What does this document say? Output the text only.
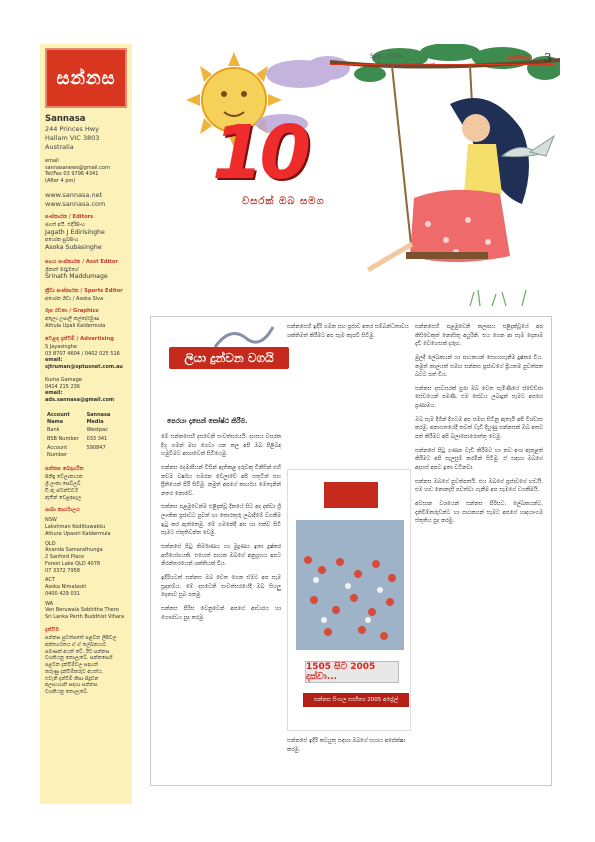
සන්නස
Sannasa
244 Princes Hwy
Hallam VIC 3803 Australia
email
sannasanews@gmail.com
Tel/Fax 03 9796 4341
(After 4 pm)
www.sannasa.net
www.sannasa.com
සංස්කාරක / Editors
ජගත් අයි. එදිරිසිංහ
Jagath J Edirisinghe
අශෝක සුබසිංහ
Asoka Subasinghe
සහය සංස්කාරක / Asst Editor
ශ්‍රීනාත් මද්දුමගේ
Srinath Maddumage
ක්‍රීඩා සංස්කාරක / Sports Editor
අශෝක ශිවා / Asoka Siva
රූප රචනා / Graphics
අතුලා උපාලි කල්දේරමුණ
Athula Upali Kaldermula
වෙළඳ දැන්වීම් / Advertising
S Jayasinghe
03 8707 4604 / 0402 025 516
email: sjtruman@optusnet.com.au
Kuma Gamage
0414 215 236
email: ads.sannasa@gmail.com
Account Name	Sannasa Media
Bank	Westpac
BSB Number	033 341
Account Number	590847
සන්නස බෙදාහරින
සිනිඳු වේලානායක
ශ්‍රී ලංකා සෙව්ලබ්
ඩී ඇ ස්ටන්ඩර්ඩ්
ඇතින් වෙළඳසැල
ශාඛා කාර්යාලය
NSW
Lakshman Koditiuwakku
Athura Upasiri Kaldermula
QLD
Ananda Samarathunga
2 Sanford Place
Forest Lake QLD 4078
07 3372 7958
ACT
Asoka Nimalasiri
0400 429 031
WA
Ven Beruwala Sobhitha Thero
Sri Lanka Perth Buddhist Vihara
දැන්වීම
සන්නස පුවත්පතේ පළවන ලිපිවල
අන්තර්ගතය ඒ ඒ ලේඛකයාට
පමණක් අයත් වේ. ඊට සන්නස
වගකියනු නොලැබේ. සන්නසෙහි
පළවන දැන්වීම්වල සඳහන්
කරුණු දැන්වීම්කරුට අයත්ය.
එවැනි දැන්වීම් නිසා සිදුවන
අලාභහානි සඳහා සන්නස
වගකියනු නොලැබේ.
Sep - 2015
www.sannasa.net
සන්නස 3
10
වසරක් ඔබ සමග
ලියා දුන්වන වගයි
පෙරයා දෑසෙන් කෝෂ්ඨ කිරීම.

මේ සන්නසෙහි දසවෙනි සංවත්සරයයි. දහසය වසරක දිගු ගමන් මඟ ගෙවා යන කල අපි ඔබ පිළිබඳ හමුවීමට ආශාවෙන් සිටියෙමු.

සන්නස දෙමාපියන් විසින් ඇතිකළ දරුවකු විනිසින් එහි නවම වර්ෂය සමරන වේලාවේ අපි සතුටින් සහ ප්‍රීතියෙන් පිරී සිටිමු. නමුත් අපගේ කාර්යය මෙතැනින් නතර නොවේ.

සන්නස පළමුවෙන්ම එළිදැක්වූ දිනයේ සිට අද දක්වා ශ්‍රී ලාංකික ප්‍රජාවට පුවත් හා තොරතුරු ලබාදීමේ වගකීම ඉටු කර ඇත්තෙමු. මේ ගමනේදී අප හා එක්ව සිටි සැමට ස්තූතිවන්ත වෙමු.

සන්නසේ පිටු නිර්මාණය හා මුද්‍රණය ඉතා දුෂ්කර අභියෝගයකි. එහෙත් පාඨක ඔබගේ අනුග්‍රහය අපට නිරන්තරයෙන් ශක්තියක් විය.

ඉදිරියටත් සන්නස ඔබ වෙත ගෙන ඒමට අප සැම සූදානම්ය. මේ දසවෙනි සංවත්සරයේදී ඔබ සියලු දෙනාට සුබ පතමු.

සන්නස පිරිස වෙනුවෙන් අපගේ ආචාරය හා ගෞරවය පුද කරමු.

සන්නසෙහි ඉදිරි ගමන සහ ප්‍රජාව අතර සම්බන්ධතාවය ශක්තිමත් කිරීමට අප සැම කැපවී සිටිමු.
1505 සිට 2005 දක්වා...
සන්නස සිංහල සාහිත්‍ය 2005 අප්‍රේල්
සන්නසේ ඉදිරි කටයුතු සඳහා ඔබගේ සහාය අපේක්ෂා කරමු.

සන්නසෙහි පළමුවෙනි කලාපය එළිදැක්වූයේ අප කිසිවෙකුත් නොසිතූ අයුරිනි. එය ගෙන ආ සැම දෙනාම දැඩි වෙහෙසක් දැරූහ.

මුලදී ලේඛකයන් හා පාඨකයන් සොයාගැනීම දුෂ්කර විය. නමුත් කාලයත් සමඟ සන්නස ප්‍රජාවගේ ප්‍රියතම පුවත්පත බවට පත් විය.

සන්නස දසවසරක් පුරා ඔබ වෙත පැමිණියේ ස්වේච්ඡා සේවයෙන් පමණි. එම සේවය ලබාදුන් සැමට අපගේ ප්‍රණාමය.

ඔබ සැම දිගින් දිගටම අප සමඟ සිටිනු ඇතැයි අපි විශ්වාස කරමු. අනාගතයේදී තවත් වැඩි දියුණු සන්නසක් ඔබ අතට පත් කිරීමට අපි බලාපොරොත්තු වෙමු.

සන්නසේ පිටු ගණන වැඩි කිරීමට හා නව අංශ ඇතුළත් කිරීමට අපි සැලසුම් කරමින් සිටිමු. ඒ සඳහා ඔබගේ අදහස් අපට ඉතා වටිනවා.

සන්නස ඔබගේ පුවත්පතයි. එය ඔබගේ ප්‍රජාවගේ හඬයි. එම හඬ නොනැසී පවත්වා ගැනීම අප සැමගේ වගකීමයි.

අවසාන වශයෙන් සන්නස පිරිසට, ලේඛකයන්ට, දැන්වීම්කරුවන්ට හා පාඨකයන් සැමට අපගේ හෘදයාංගම ස්තූතිය පුද කරමු.
